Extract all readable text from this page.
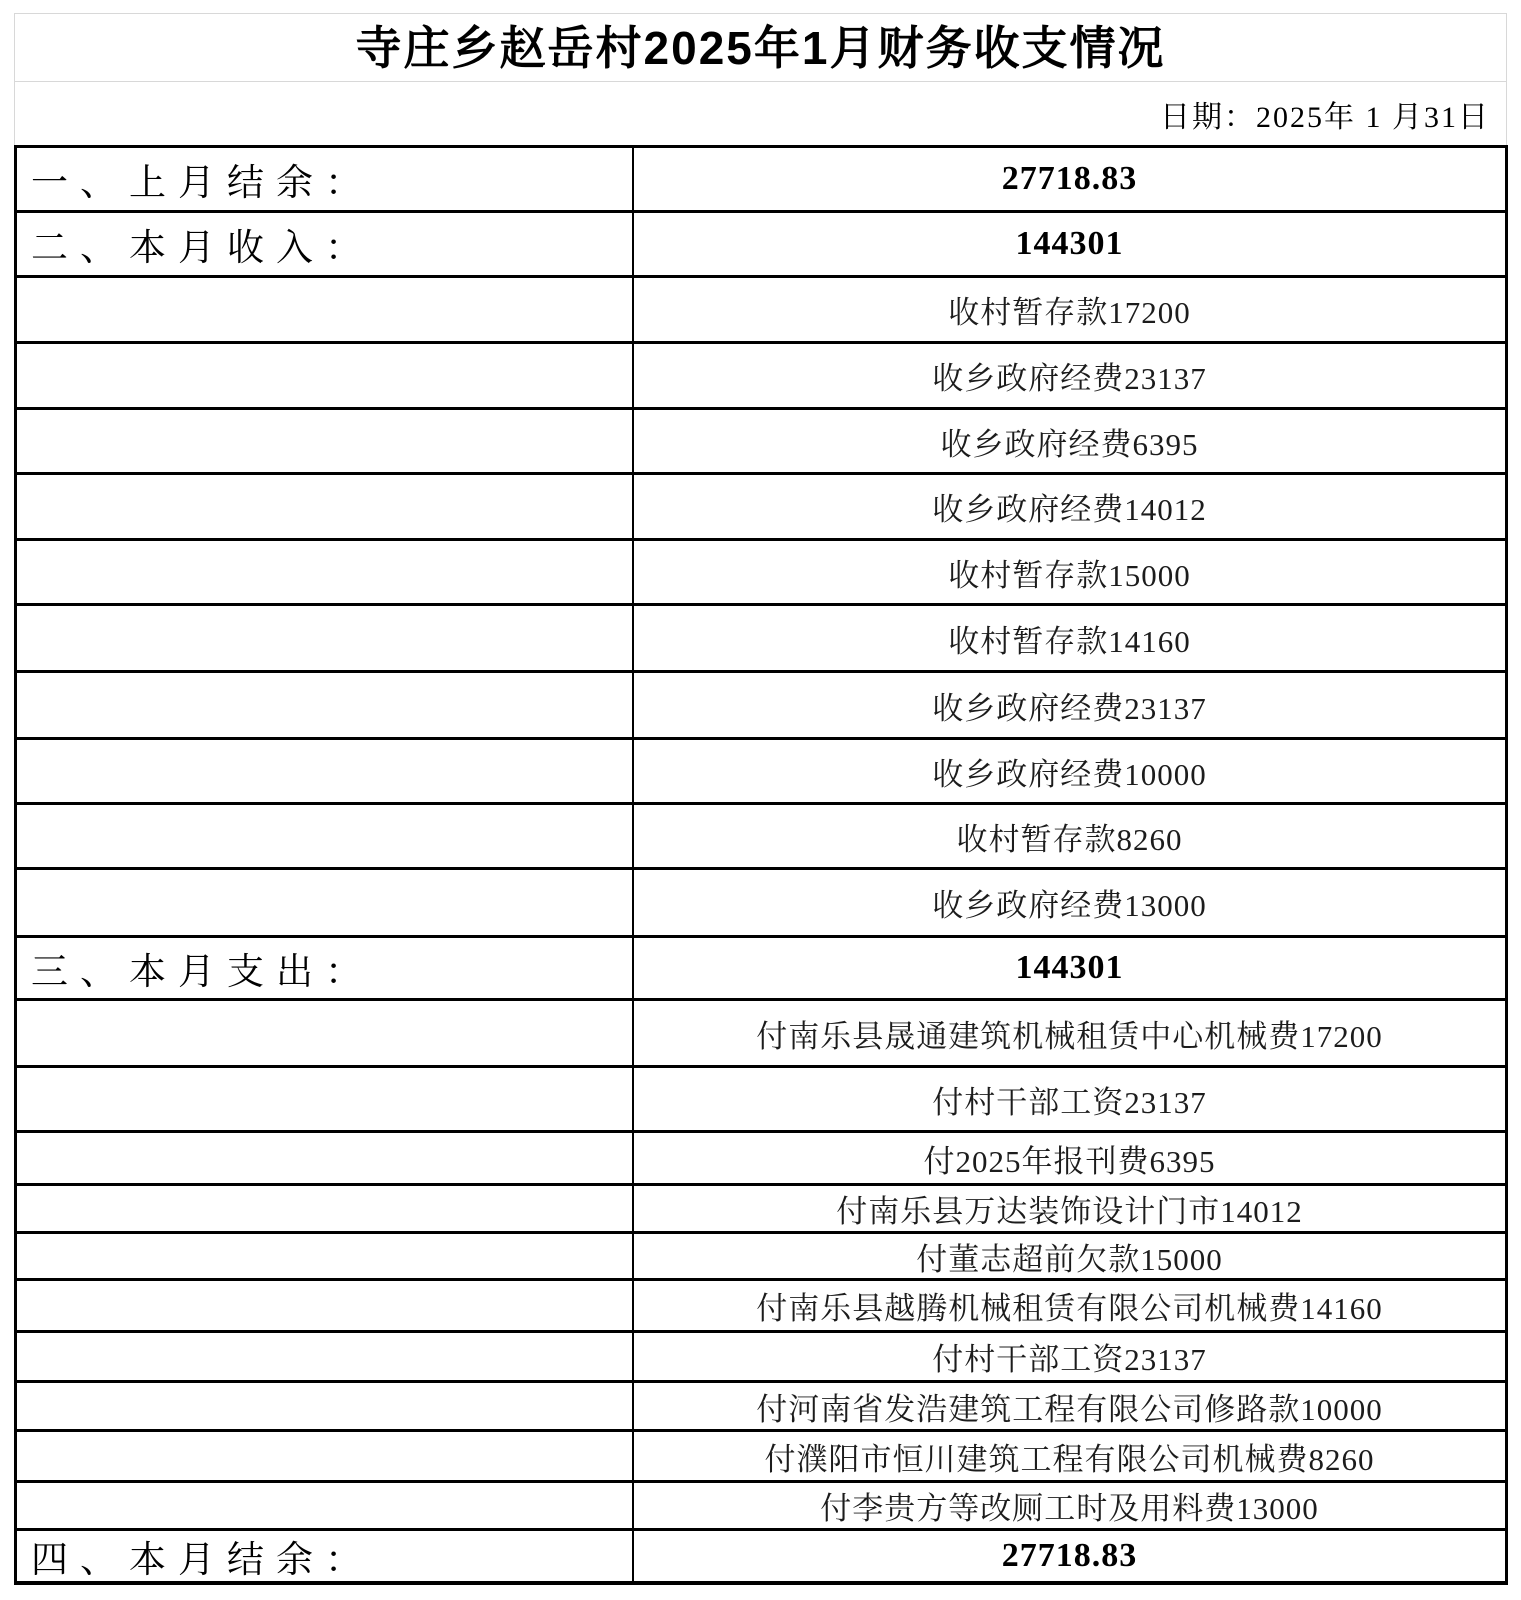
寺庄乡赵岳村2025年1月财务收支情况
日期：2025年 1 月31日
一、上月结余：	27718.83
二、本月收入：	144301
收村暂存款17200
收乡政府经费23137
收乡政府经费6395
收乡政府经费14012
收村暂存款15000
收村暂存款14160
收乡政府经费23137
收乡政府经费10000
收村暂存款8260
收乡政府经费13000
三、本月支出：	144301
付南乐县晟通建筑机械租赁中心机械费17200
付村干部工资23137
付2025年报刊费6395
付南乐县万达装饰设计门市14012
付董志超前欠款15000
付南乐县越腾机械租赁有限公司机械费14160
付村干部工资23137
付河南省发浩建筑工程有限公司修路款10000
付濮阳市恒川建筑工程有限公司机械费8260
付李贵方等改厕工时及用料费13000
四、本月结余：	27718.83
